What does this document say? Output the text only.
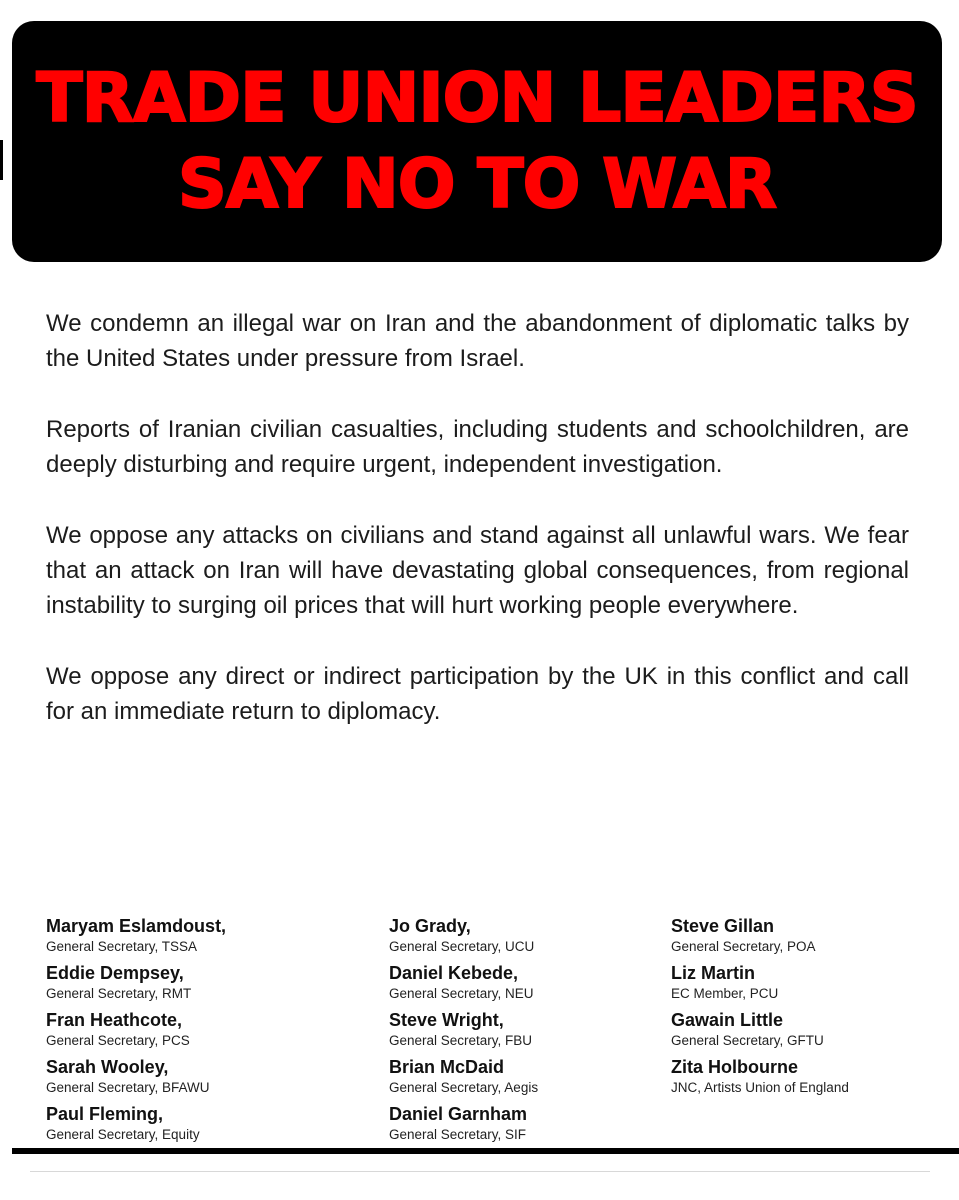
TRADE UNION LEADERS
SAY NO TO WAR

We condemn an illegal war on Iran and the abandonment of diplomatic talks by the United States under pressure from Israel.

Reports of Iranian civilian casualties, including students and schoolchildren, are deeply disturbing and require urgent, independent investigation.

We oppose any attacks on civilians and stand against all unlawful wars. We fear that an attack on Iran will have devastating global consequences, from regional instability to surging oil prices that will hurt working people everywhere.

We oppose any direct or indirect participation by the UK in this conflict and call for an immediate return to diplomacy.

Maryam Eslamdoust,
General Secretary, TSSA
Eddie Dempsey,
General Secretary, RMT
Fran Heathcote,
General Secretary, PCS
Sarah Wooley,
General Secretary, BFAWU
Paul Fleming,
General Secretary, Equity
Jo Grady,
General Secretary, UCU
Daniel Kebede,
General Secretary, NEU
Steve Wright,
General Secretary, FBU
Brian McDaid
General Secretary, Aegis
Daniel Garnham
General Secretary, SIF
Steve Gillan
General Secretary, POA
Liz Martin
EC Member, PCU
Gawain Little
General Secretary, GFTU
Zita Holbourne
JNC, Artists Union of England
